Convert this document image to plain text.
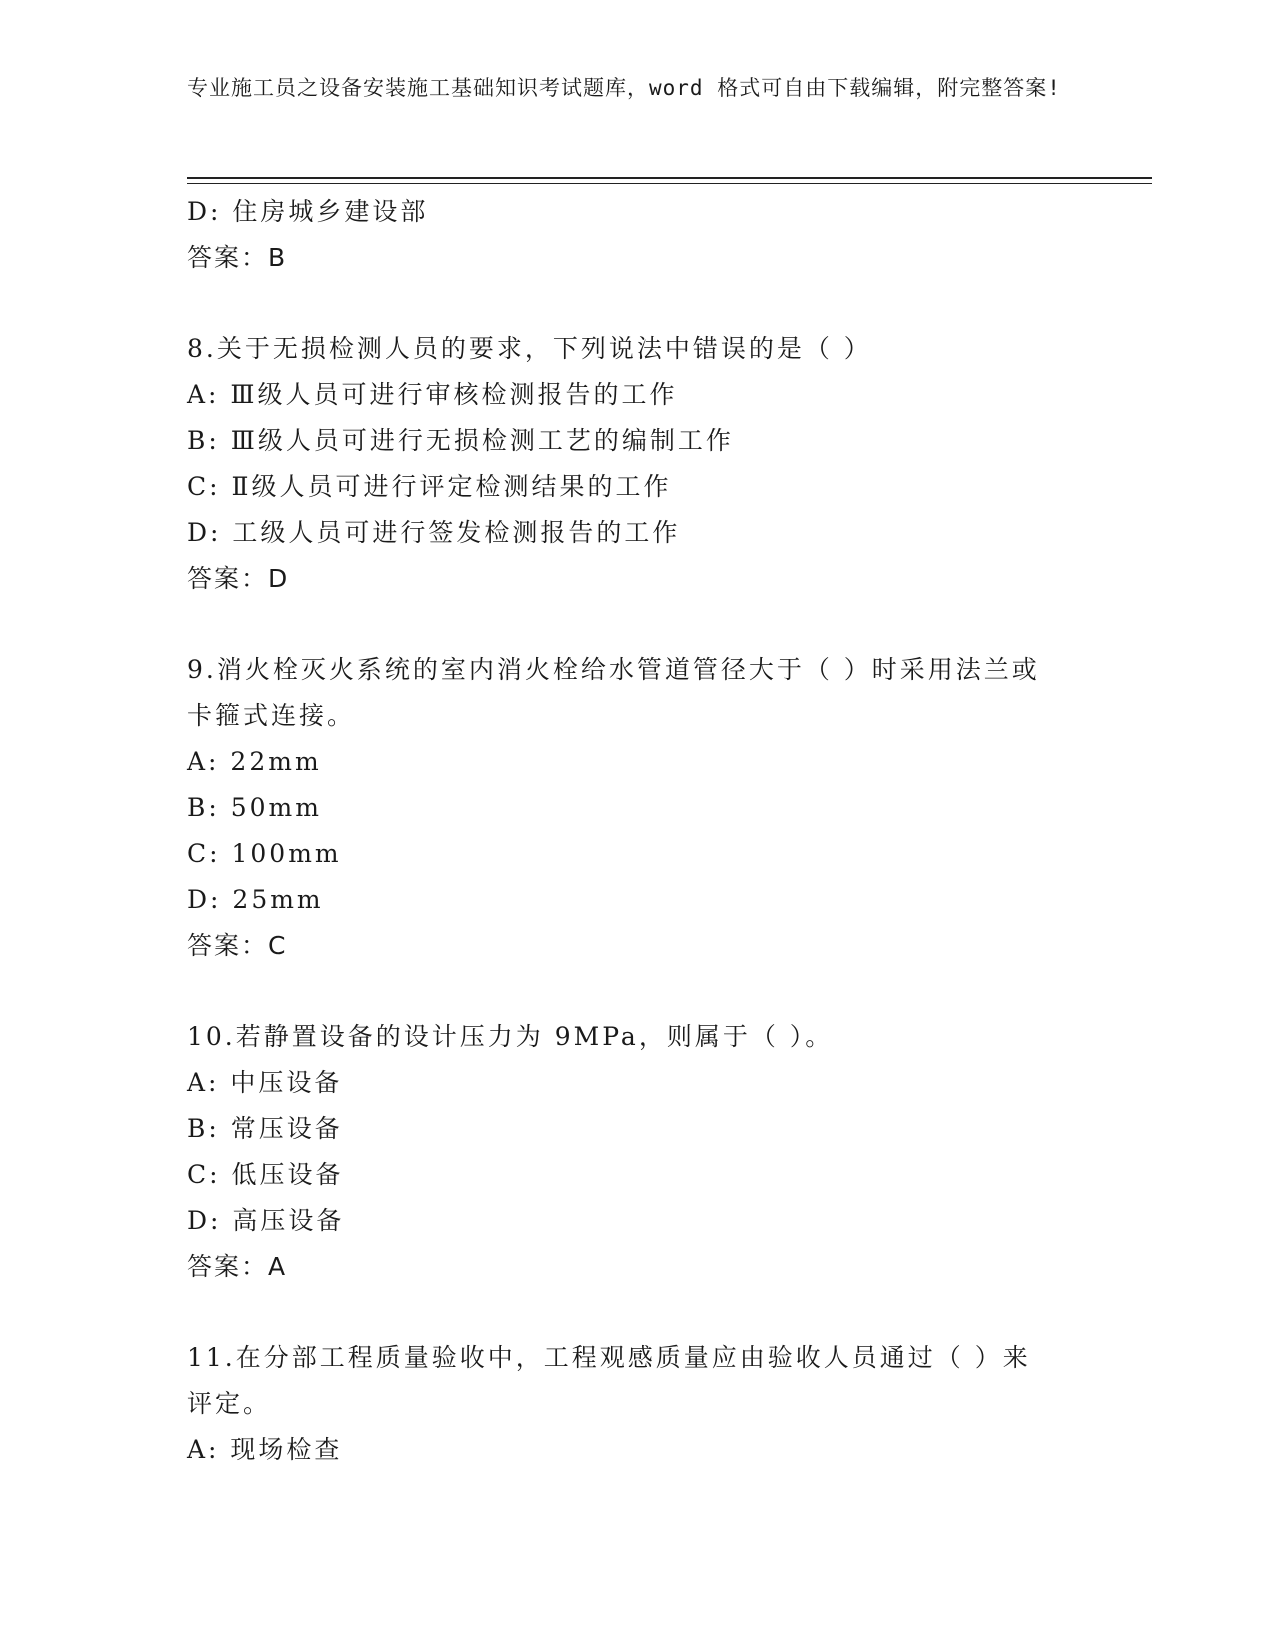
专业施工员之设备安装施工基础知识考试题库，word 格式可自由下载编辑，附完整答案!
D: 住房城乡建设部
答案：B
8.关于无损检测人员的要求，下列说法中错误的是（ ）
A: Ⅲ级人员可进行审核检测报告的工作
B: Ⅲ级人员可进行无损检测工艺的编制工作
C: Ⅱ级人员可进行评定检测结果的工作
D: 工级人员可进行签发检测报告的工作
答案：D
9.消火栓灭火系统的室内消火栓给水管道管径大于（ ）时采用法兰或卡箍式连接。
A: 22mm
B: 50mm
C: 100mm
D: 25mm
答案：C
10.若静置设备的设计压力为 9MPa，则属于（ ）。
A: 中压设备
B: 常压设备
C: 低压设备
D: 高压设备
答案：A
11.在分部工程质量验收中，工程观感质量应由验收人员通过（ ）来评定。
A: 现场检查
